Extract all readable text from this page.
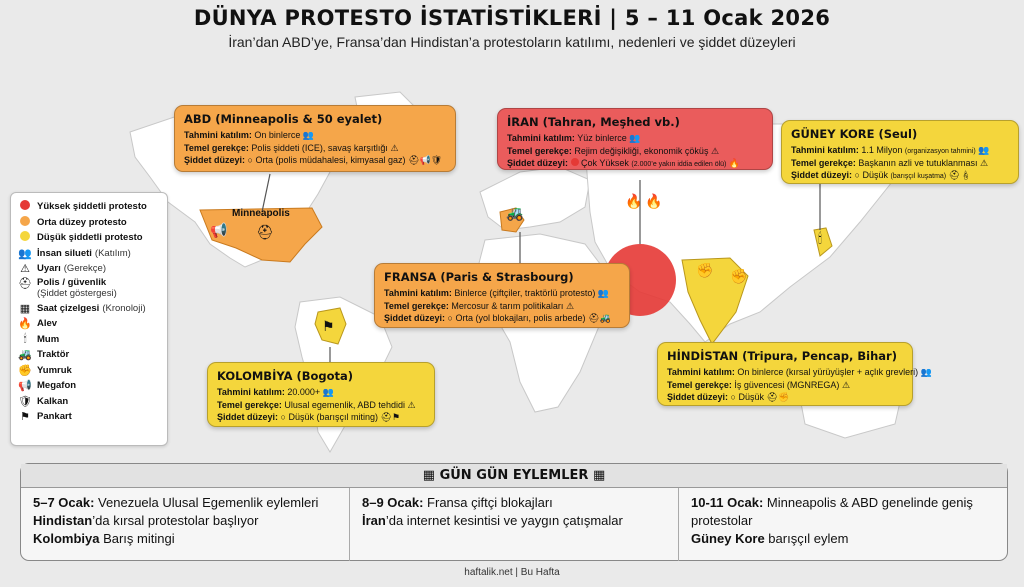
DÜNYA PROTESTO İSTATİSTİKLERİ | 5 – 11 Ocak 2026
İran’dan ABD’ye, Fransa’dan Hindistan’a protestoların katılımı, nedenleri ve şiddet düzeyleri
Minneapolis
Tahran Meşhed
🔥 🔥
📢 ⛑
🚜
✊ ✊
🕯
⚑
Yüksek şiddetli protesto
Orta düzey protesto
Düşük şiddetli protesto
👥 İnsan silueti (Katılım)
⚠ Uyarı (Gerekçe)
⛑ Polis / güvenlik
(Şiddet göstergesi)
▦ Saat çizelgesi (Kronoloji)
🔥 Alev
🕯	Mum
🚜 Traktör
✊ Yumruk
📢 Megafon
🛡 Kalkan
⚑ Pankart
ABD (Minneapolis & 50 eyalet)
Tahmini katılım: On binlerce 👥
Temel gerekçe: Polis şiddeti (ICE), savaş karşıtlığı ⚠
Şiddet düzeyi: ○ Orta (polis müdahalesi, kimyasal gaz) ⛑📢🛡
İRAN (Tahran, Meşhed vb.)
Tahmini katılım: Yüz binlerce 👥
Temel gerekçe: Rejim değişikliği, ekonomik çöküş ⚠
Şiddet düzeyi: Çok Yüksek (2.000’e yakın iddia edilen ölü) 🔥
GÜNEY KORE (Seul)
Tahmini katılım: 1.1 Milyon (organizasyon tahmini) 👥
Temel gerekçe: Başkanın azli ve tutuklanması ⚠
Şiddet düzeyi: ○ Düşük (barışçıl kuşatma) ⛑🕯
FRANSA (Paris & Strasbourg)
Tahmini katılım: Binlerce (çiftçiler, traktörlü protesto) 👥
Temel gerekçe: Mercosur & tarım politikaları ⚠
Şiddet düzeyi: ○ Orta (yol blokajları, polis arbede) ⛑🚜
KOLOMBİYA (Bogota)
Tahmini katılım: 20.000+ 👥
Temel gerekçe: Ulusal egemenlik, ABD tehdidi ⚠
Şiddet düzeyi: ○ Düşük (barışçıl miting) ⛑⚑
HİNDİSTAN (Tripura, Pencap, Bihar)
Tahmini katılım: On binlerce (kırsal yürüyüşler + açlık grevleri) 👥
Temel gerekçe: İş güvencesi (MGNREGA) ⚠
Şiddet düzeyi: ○ Düşük ⛑✊
▦ GÜN GÜN EYLEMLER ▦
5–7 Ocak: Venezuela Ulusal Egemenlik eylemleri
Hindistan’da kırsal protestolar başlıyor
Kolombiya Barış mitingi
8–9 Ocak: Fransa çiftçi blokajları
İran’da internet kesintisi ve yaygın çatışmalar
10-11 Ocak: Minneapolis & ABD genelinde geniş protestolar
Güney Kore barışçıl eylem
haftalik.net | Bu Hafta
